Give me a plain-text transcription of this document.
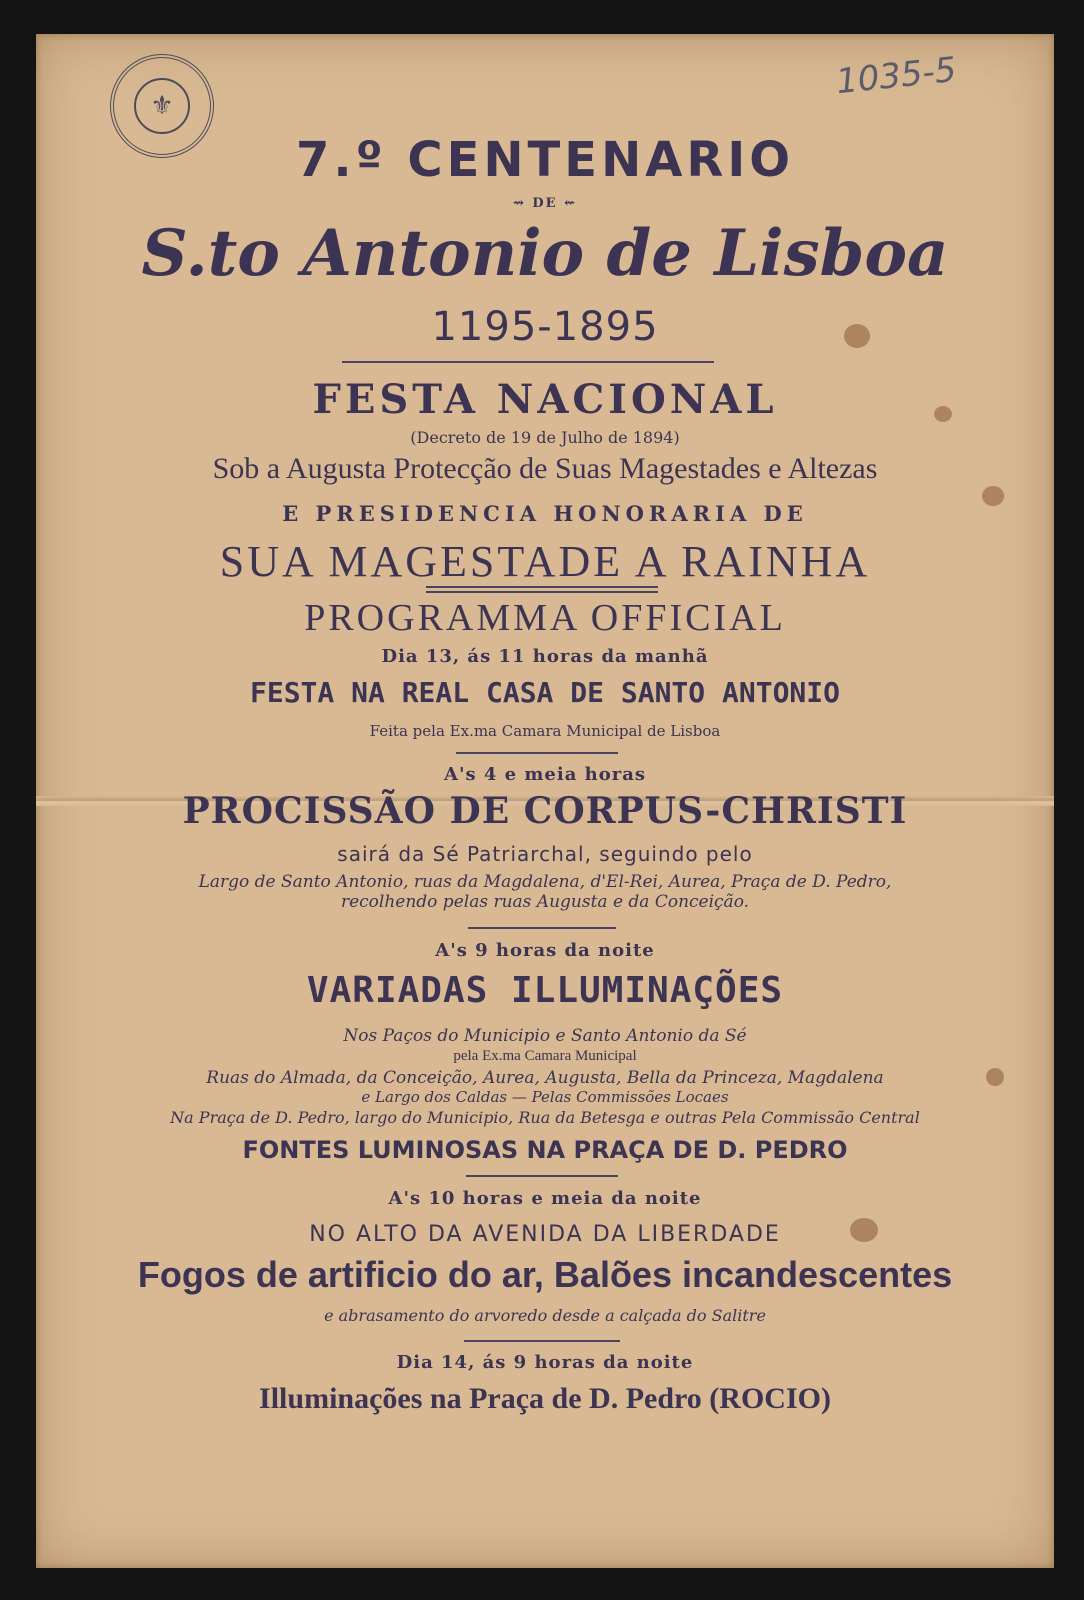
⚜
1035-5
7.º CENTENARIO
⇝ DE ⇜
S.to Antonio de Lisboa
1195-1895
FESTA NACIONAL
(Decreto de 19 de Julho de 1894)
Sob a Augusta Protecção de Suas Magestades e Altezas
E PRESIDENCIA HONORARIA DE
SUA MAGESTADE A RAINHA
PROGRAMMA OFFICIAL
Dia 13, ás 11 horas da manhã
FESTA NA REAL CASA DE SANTO ANTONIO
Feita pela Ex.ma Camara Municipal de Lisboa
A's 4 e meia horas
PROCISSÃO DE CORPUS-CHRISTI
sairá da Sé Patriarchal, seguindo pelo
Largo de Santo Antonio, ruas da Magdalena, d'El-Rei, Aurea, Praça de D. Pedro,
recolhendo pelas ruas Augusta e da Conceição.
A's 9 horas da noite
VARIADAS ILLUMINAÇÕES
Nos Paços do Municipio e Santo Antonio da Sé
pela Ex.ma Camara Municipal
Ruas do Almada, da Conceição, Aurea, Augusta, Bella da Princeza, Magdalena
e Largo dos Caldas — Pelas Commissões Locaes
Na Praça de D. Pedro, largo do Municipio, Rua da Betesga e outras Pela Commissão Central
FONTES LUMINOSAS NA PRAÇA DE D. PEDRO
A's 10 horas e meia da noite
NO ALTO DA AVENIDA DA LIBERDADE
Fogos de artificio do ar, Balões incandescentes
e abrasamento do arvoredo desde a calçada do Salitre
Dia 14, ás 9 horas da noite
Illuminações na Praça de D. Pedro (ROCIO)
